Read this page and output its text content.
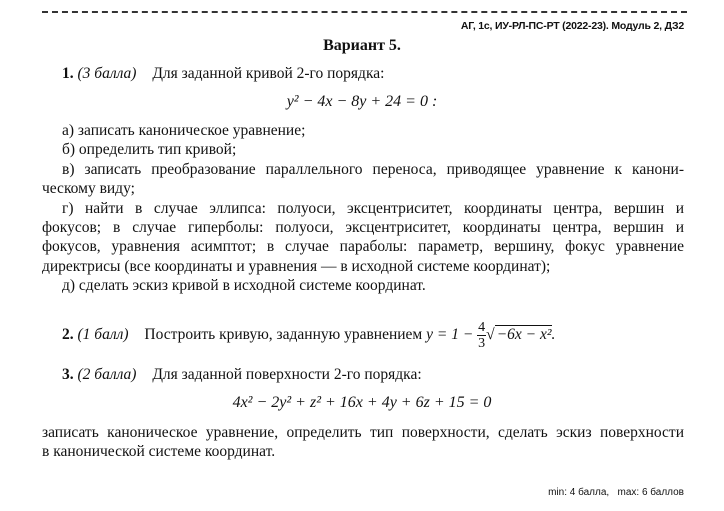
АГ, 1с, ИУ-РЛ-ПС-РТ (2022-23). Модуль 2, ДЗ2
Вариант 5.
1. (3 балла) Для заданной кривой 2-го порядка:
y² − 4x − 8y + 24 = 0 :
а) записать каноническое уравнение;
б) определить тип кривой;
в) записать преобразование параллельного переноса, приводящее уравнение к канони-
ческому виду;
г) найти в случае эллипса: полуоси, эксцентриситет, координаты центра, вершин и
фокусов; в случае гиперболы: полуоси, эксцентриситет, координаты центра, вершин и
фокусов, уравнения асимптот; в случае параболы: параметр, вершину, фокус уравнение
директрисы (все координаты и уравнения — в исходной системе координат);
д) сделать эскиз кривой в исходной системе координат.
2. (1 балл) Построить кривую, заданную уравнением $y = 1 - \frac{4}{3}$ √ −6x − x².
3. (2 балла) Для заданной поверхности 2-го порядка:
4x² − 2y² + z² + 16x + 4y + 6z + 15 = 0
записать каноническое уравнение, определить тип поверхности, сделать эскиз поверхности
в канонической системе координат.
min: 4 балла,   max: 6 баллов
